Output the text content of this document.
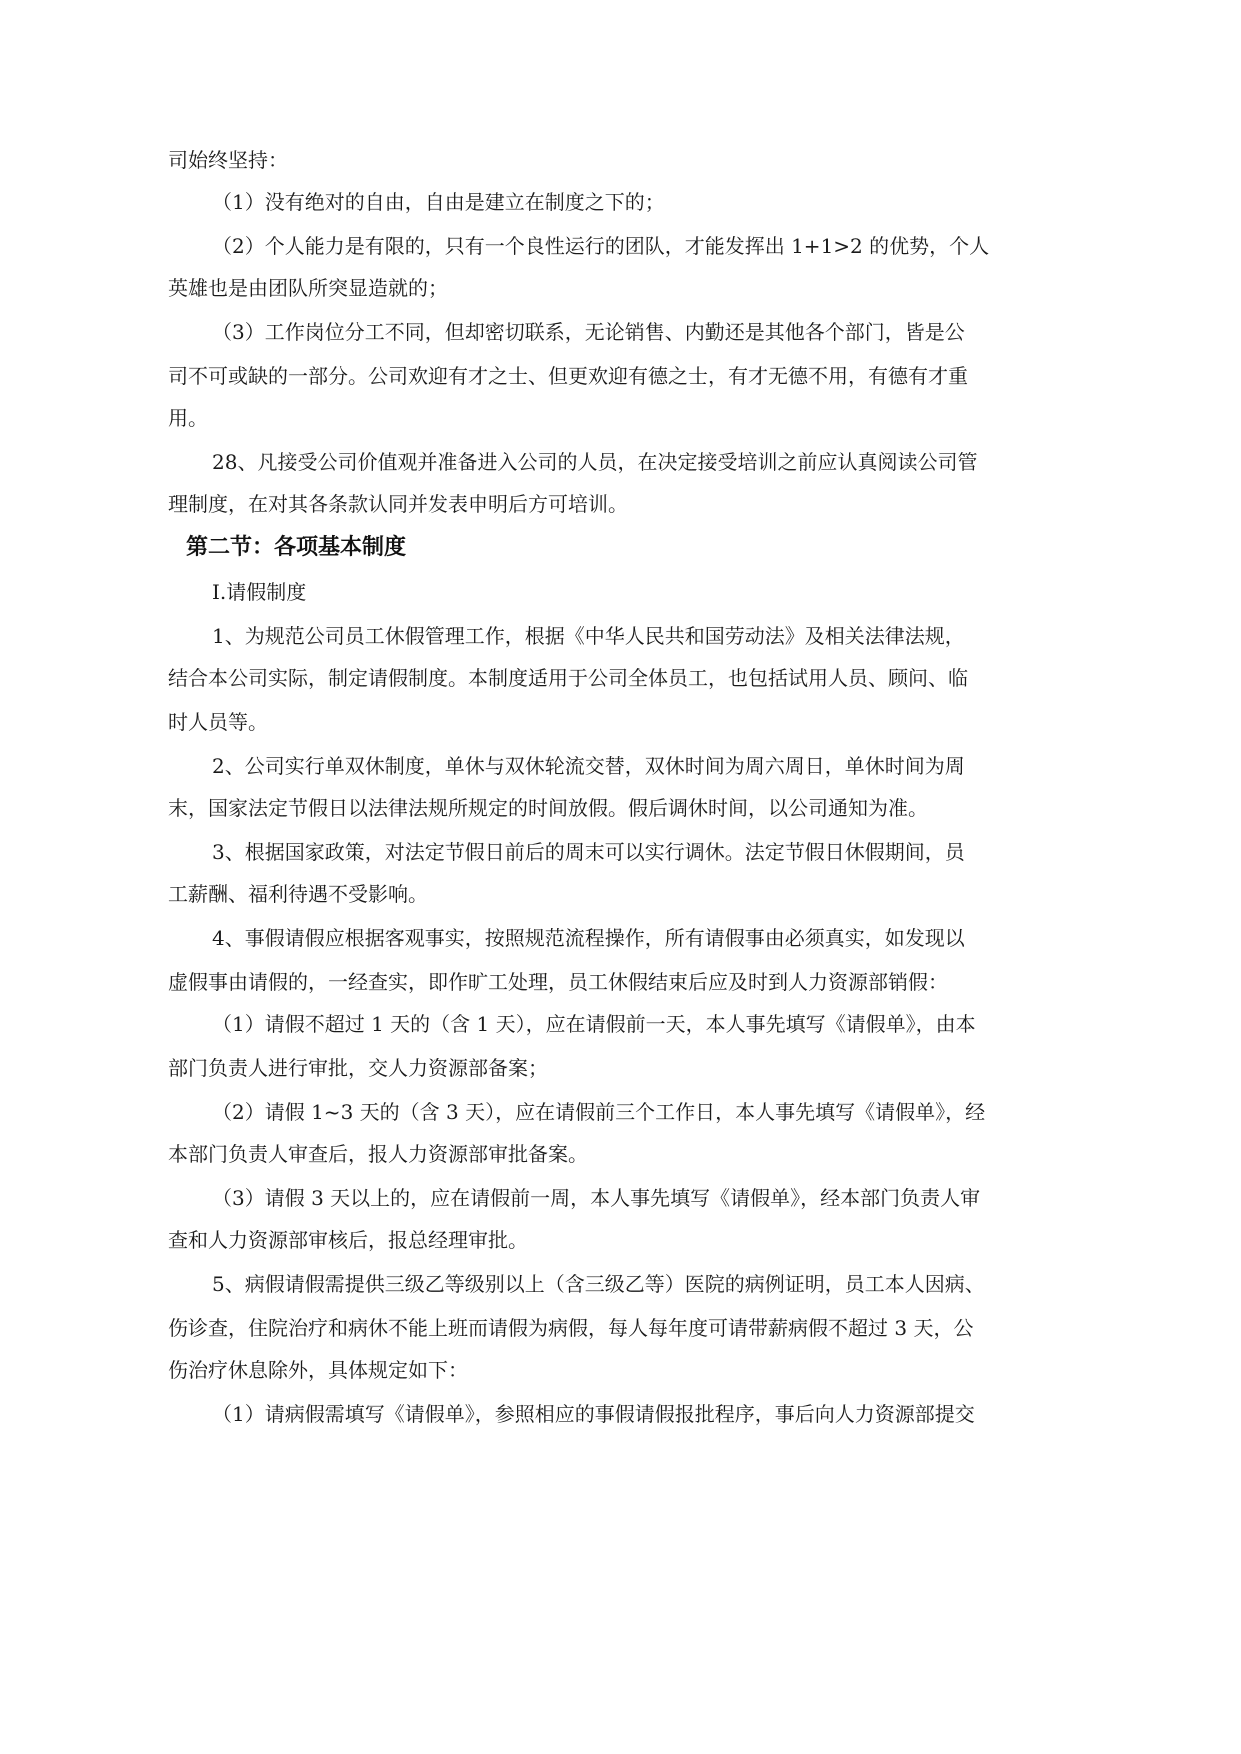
司始终坚持：
（1）没有绝对的自由，自由是建立在制度之下的；
（2）个人能力是有限的，只有一个良性运行的团队，才能发挥出 1+1>2 的优势，个人
英雄也是由团队所突显造就的；
（3）工作岗位分工不同，但却密切联系，无论销售、内勤还是其他各个部门，皆是公
司不可或缺的一部分。公司欢迎有才之士、但更欢迎有德之士，有才无德不用，有德有才重
用。
28、凡接受公司价值观并准备进入公司的人员，在决定接受培训之前应认真阅读公司管
理制度，在对其各条款认同并发表申明后方可培训。
第二节：各项基本制度
Ⅰ.请假制度
1、为规范公司员工休假管理工作，根据《中华人民共和国劳动法》及相关法律法规，
结合本公司实际，制定请假制度。本制度适用于公司全体员工，也包括试用人员、顾问、临
时人员等。
2、公司实行单双休制度，单休与双休轮流交替，双休时间为周六周日，单休时间为周
末，国家法定节假日以法律法规所规定的时间放假。假后调休时间，以公司通知为准。
3、根据国家政策，对法定节假日前后的周末可以实行调休。法定节假日休假期间，员
工薪酬、福利待遇不受影响。
4、事假请假应根据客观事实，按照规范流程操作，所有请假事由必须真实，如发现以
虚假事由请假的，一经查实，即作旷工处理，员工休假结束后应及时到人力资源部销假：
（1）请假不超过 1 天的（含 1 天），应在请假前一天，本人事先填写《请假单》，由本
部门负责人进行审批，交人力资源部备案；
（2）请假 1~3 天的（含 3 天），应在请假前三个工作日，本人事先填写《请假单》，经
本部门负责人审查后，报人力资源部审批备案。
（3）请假 3 天以上的，应在请假前一周，本人事先填写《请假单》，经本部门负责人审
查和人力资源部审核后，报总经理审批。
5、病假请假需提供三级乙等级别以上（含三级乙等）医院的病例证明，员工本人因病、
伤诊查，住院治疗和病休不能上班而请假为病假，每人每年度可请带薪病假不超过 3 天，公
伤治疗休息除外，具体规定如下：
（1）请病假需填写《请假单》，参照相应的事假请假报批程序，事后向人力资源部提交
